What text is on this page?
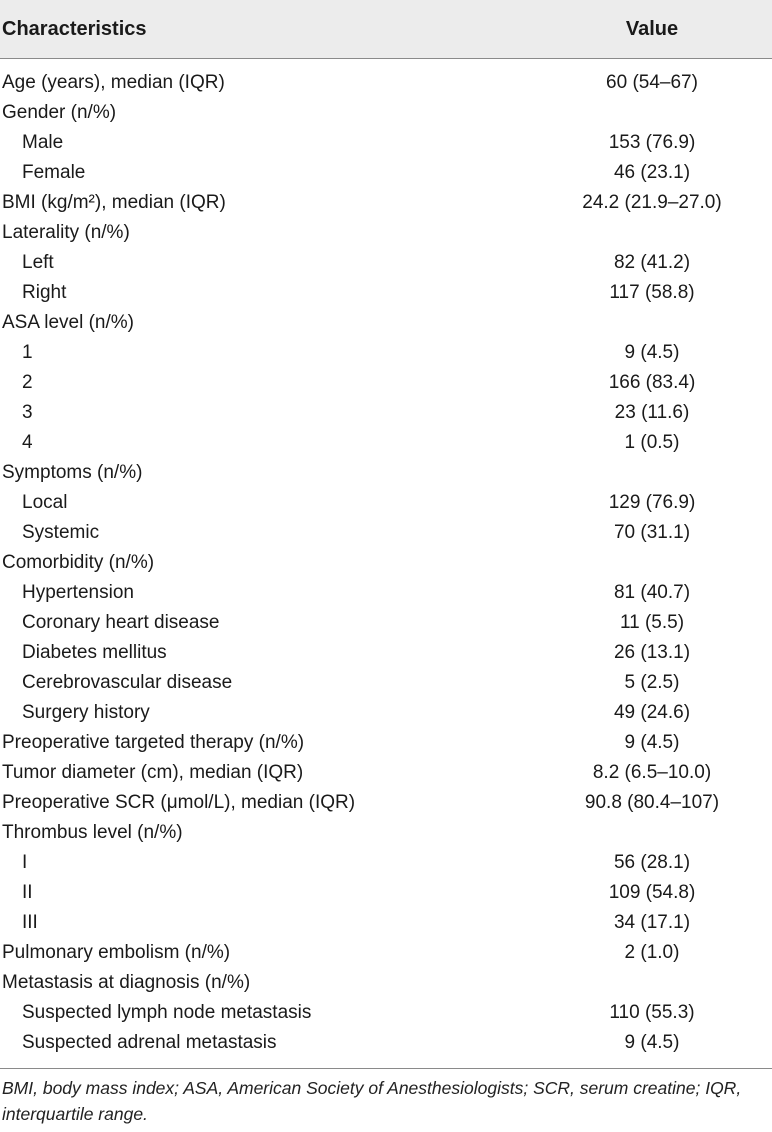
Characteristics	Value
Age (years), median (IQR)	60 (54–67)
Gender (n/%)
Male	153 (76.9)
Female	46 (23.1)
BMI (kg/m²), median (IQR)	24.2 (21.9–27.0)
Laterality (n/%)
Left	82 (41.2)
Right	117 (58.8)
ASA level (n/%)
1	9 (4.5)
2	166 (83.4)
3	23 (11.6)
4	1 (0.5)
Symptoms (n/%)
Local	129 (76.9)
Systemic	70 (31.1)
Comorbidity (n/%)
Hypertension	81 (40.7)
Coronary heart disease	11 (5.5)
Diabetes mellitus	26 (13.1)
Cerebrovascular disease	5 (2.5)
Surgery history	49 (24.6)
Preoperative targeted therapy (n/%)	9 (4.5)
Tumor diameter (cm), median (IQR)	8.2 (6.5–10.0)
Preoperative SCR (μmol/L), median (IQR)	90.8 (80.4–107)
Thrombus level (n/%)
I	56 (28.1)
II	109 (54.8)
III	34 (17.1)
Pulmonary embolism (n/%)	2 (1.0)
Metastasis at diagnosis (n/%)
Suspected lymph node metastasis	110 (55.3)
Suspected adrenal metastasis	9 (4.5)
BMI, body mass index; ASA, American Society of Anesthesiologists; SCR, serum creatine; IQR, interquartile range.
